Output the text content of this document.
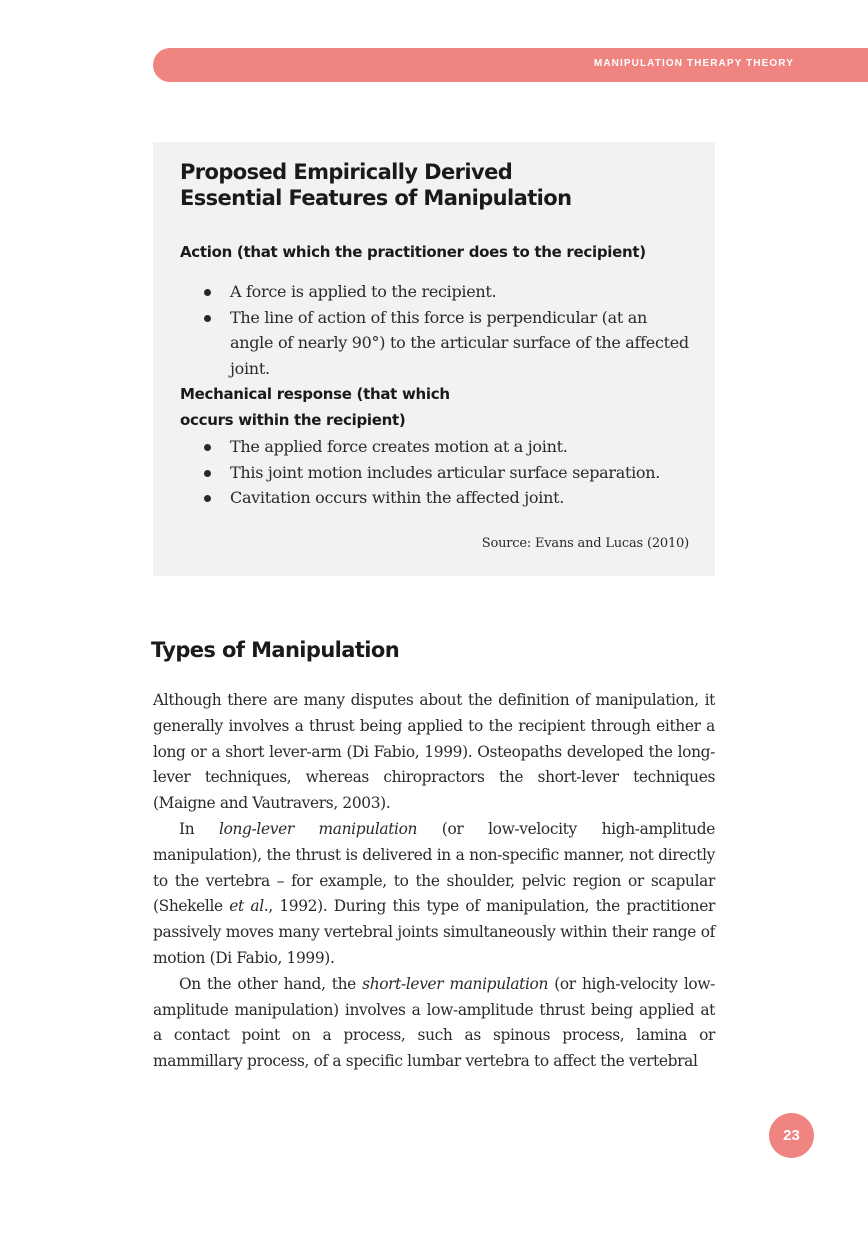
MANIPULATION THERAPY THEORY
Proposed Empirically Derived
Essential Features of Manipulation
Action (that which the practitioner does to the recipient)
A force is applied to the recipient.
The line of action of this force is perpendicular (at an angle of nearly 90°) to the articular surface of the affected joint.
Mechanical response (that which
occurs within the recipient)
The applied force creates motion at a joint.
This joint motion includes articular surface separation.
Cavitation occurs within the affected joint.
Source: Evans and Lucas (2010)
Types of Manipulation

Although there are many disputes about the definition of manipulation, it generally involves a thrust being applied to the recipient through either a long or a short lever-arm (Di Fabio, 1999). Osteopaths developed the long-lever techniques, whereas chiropractors the short-lever techniques (Maigne and Vautravers, 2003).

In long-lever manipulation (or low-velocity high-amplitude manipulation), the thrust is delivered in a non-specific manner, not directly to the vertebra – for example, to the shoulder, pelvic region or scapular (Shekelle et al., 1992). During this type of manipulation, the practitioner passively moves many vertebral joints simultaneously within their range of motion (Di Fabio, 1999).

On the other hand, the short-lever manipulation (or high-velocity low-amplitude manipulation) involves a low-amplitude thrust being applied at a contact point on a process, such as spinous process, lamina or mammillary process, of a specific lumbar vertebra to affect the vertebral

23
